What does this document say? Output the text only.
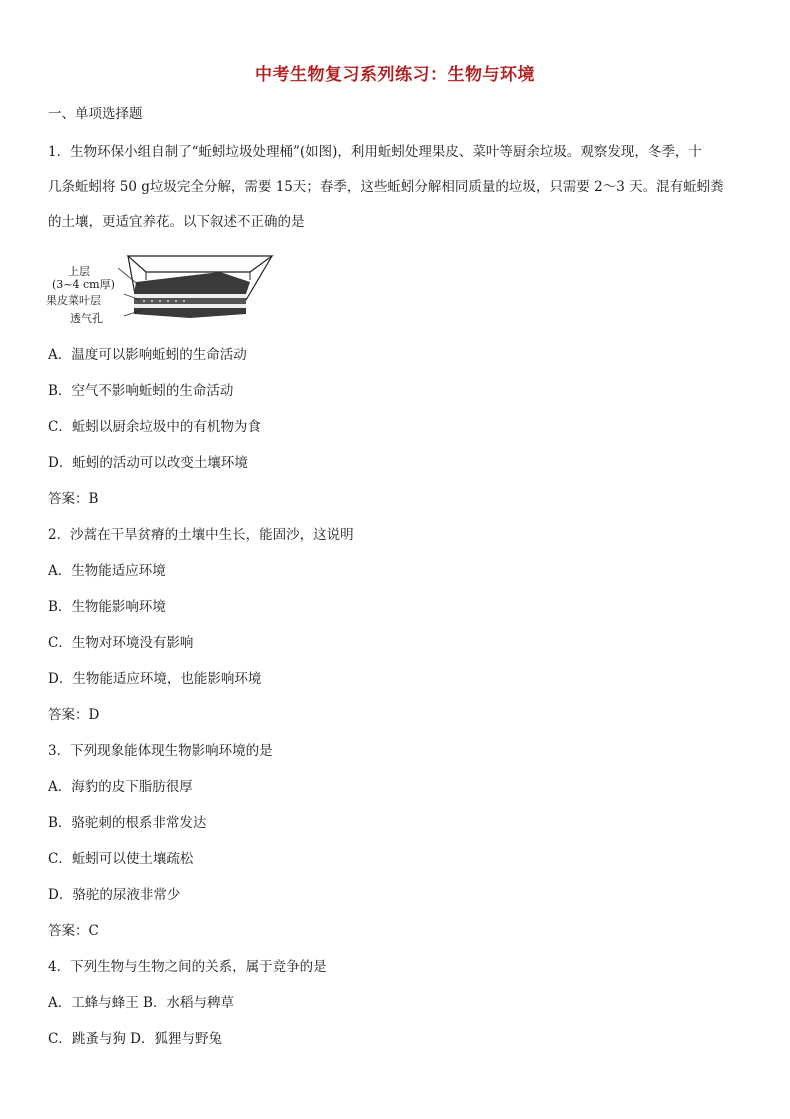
中考生物复习系列练习：生物与环境
一、单项选择题
1．生物环保小组自制了“蚯蚓垃圾处理桶”(如图)，利用蚯蚓处理果皮、菜叶等厨余垃圾。观察发现，冬季，十
几条蚯蚓将 50 g垃圾完全分解，需要 15天；春季，这些蚯蚓分解相同质量的垃圾，只需要 2～3 天。混有蚯蚓粪
的土壤，更适宜养花。以下叙述不正确的是
上层
(3~4 cm厚)
果皮菜叶层
透气孔
A．温度可以影响蚯蚓的生命活动
B．空气不影响蚯蚓的生命活动
C．蚯蚓以厨余垃圾中的有机物为食
D．蚯蚓的活动可以改变土壤环境
答案：B
2．沙蒿在干旱贫瘠的土壤中生长，能固沙，这说明
A．生物能适应环境
B．生物能影响环境
C．生物对环境没有影响
D．生物能适应环境，也能影响环境
答案：D
3．下列现象能体现生物影响环境的是
A．海豹的皮下脂肪很厚
B．骆驼刺的根系非常发达
C．蚯蚓可以使土壤疏松
D．骆驼的尿液非常少
答案：C
4．下列生物与生物之间的关系，属于竞争的是
A．工蜂与蜂王 B．水稻与稗草
C．跳蚤与狗 D．狐狸与野兔
